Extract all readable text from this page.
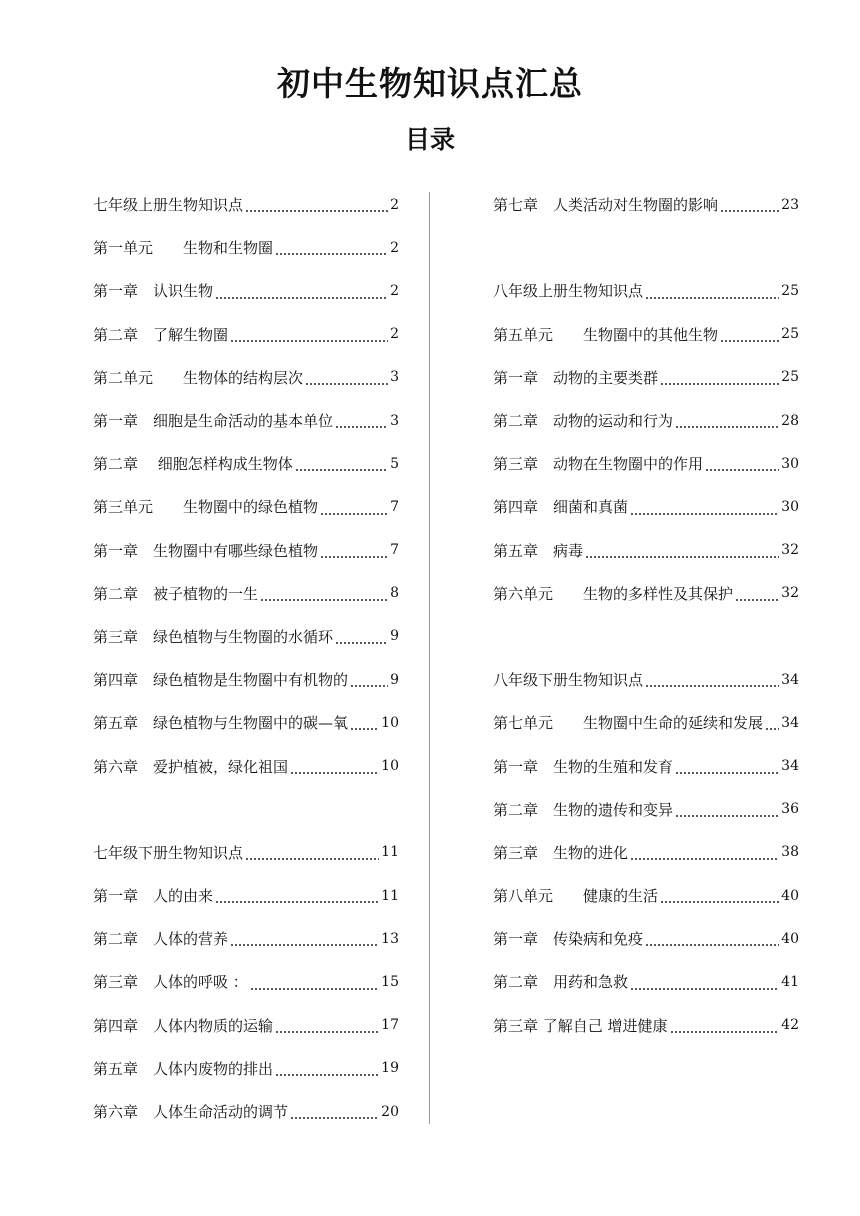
初中生物知识点汇总
目录
七年级上册生物知识点	2
第一单元　　生物和生物圈	2
第一章　认识生物	2
第二章　了解生物圈	2
第二单元　　生物体的结构层次	3
第一章　细胞是生命活动的基本单位	3
第二章　 细胞怎样构成生物体	5
第三单元　　生物圈中的绿色植物	7
第一章　生物圈中有哪些绿色植物	7
第二章　被子植物的一生	8
第三章　绿色植物与生物圈的水循环	9
第四章　绿色植物是生物圈中有机物的	9
第五章　绿色植物与生物圈中的碳—氧 10
第六章　爱护植被，绿化祖国	10
七年级下册生物知识点	11
第一章　人的由来	11
第二章　人体的营养	13
第三章　人体的呼吸 ：	15
第四章　人体内物质的运输	17
第五章　人体内废物的排出	19
第六章　人体生命活动的调节	20
第七章　人类活动对生物圈的影响	23
八年级上册生物知识点	25
第五单元　　生物圈中的其他生物	25
第一章　动物的主要类群	25
第二章　动物的运动和行为	28
第三章　动物在生物圈中的作用	30
第四章　细菌和真菌	30
第五章　病毒	32
第六单元　　生物的多样性及其保护	32
八年级下册生物知识点	34
第七单元　　生物圈中生命的延续和发展 34
第一章　生物的生殖和发育	34
第二章　生物的遗传和变异	36
第三章　生物的进化	38
第八单元　　健康的生活	40
第一章　传染病和免疫	40
第二章　用药和急救	41
第三章 了解自己 增进健康	42
